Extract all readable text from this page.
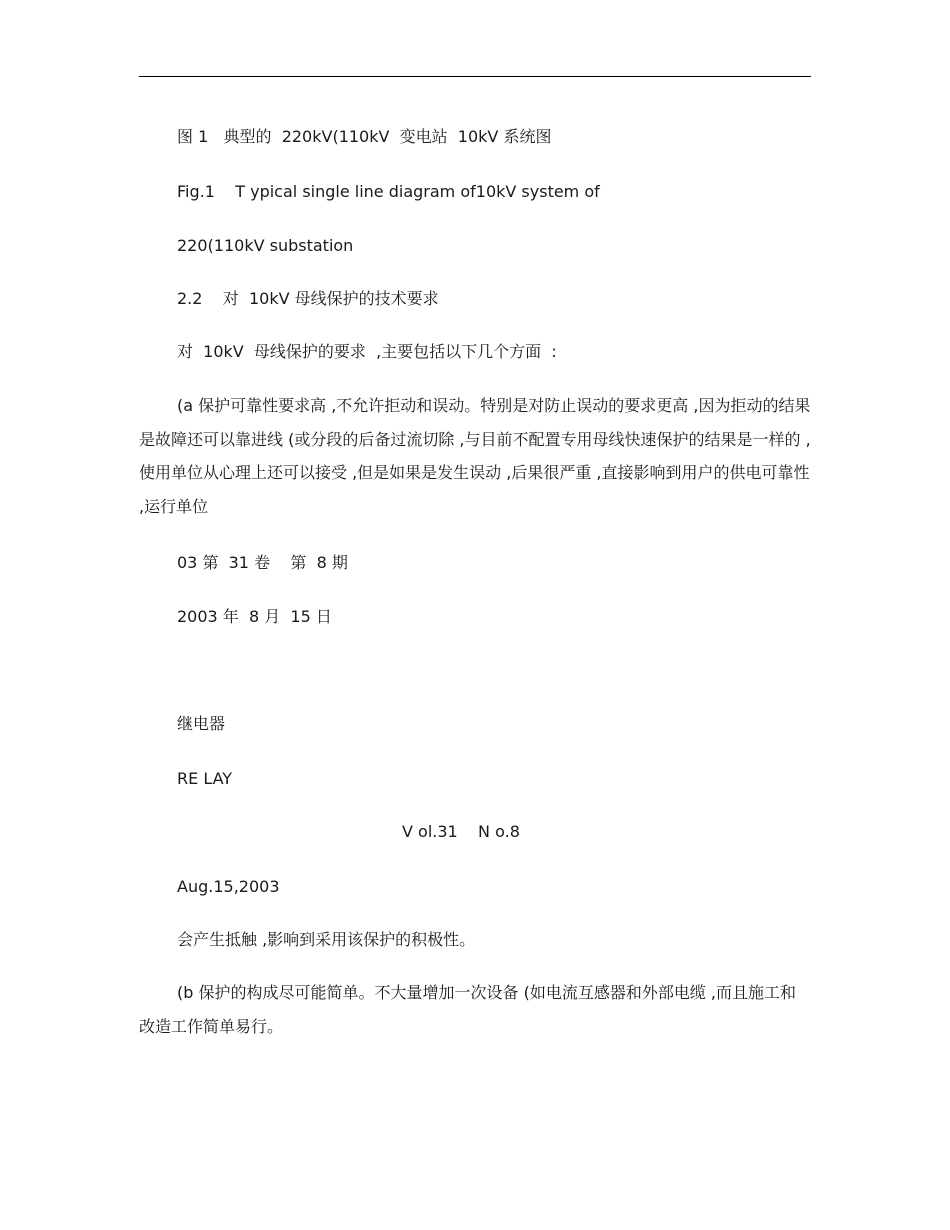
图 1   典型的  220kV(110kV  变电站  10kV 系统图
Fig.1    T ypical single line diagram of10kV system of
220(110kV substation
2.2    对  10kV 母线保护的技术要求
对  10kV  母线保护的要求  ,主要包括以下几个方面  :
(a 保护可靠性要求高 ,不允许拒动和误动。特别是对防止误动的要求更高 ,因为拒动的结果是故障还可以靠进线 (或分段的后备过流切除 ,与目前不配置专用母线快速保护的结果是一样的 ,使用单位从心理上还可以接受 ,但是如果是发生误动 ,后果很严重 ,直接影响到用户的供电可靠性 ,运行单位
03 第  31 卷    第  8 期
2003 年  8 月  15 日
继电器
RE LAY
V ol.31    N o.8
Aug.15,2003
会产生抵触 ,影响到采用该保护的积极性。
(b 保护的构成尽可能简单。不大量增加一次设备 (如电流互感器和外部电缆 ,而且施工和改造工作简单易行。
